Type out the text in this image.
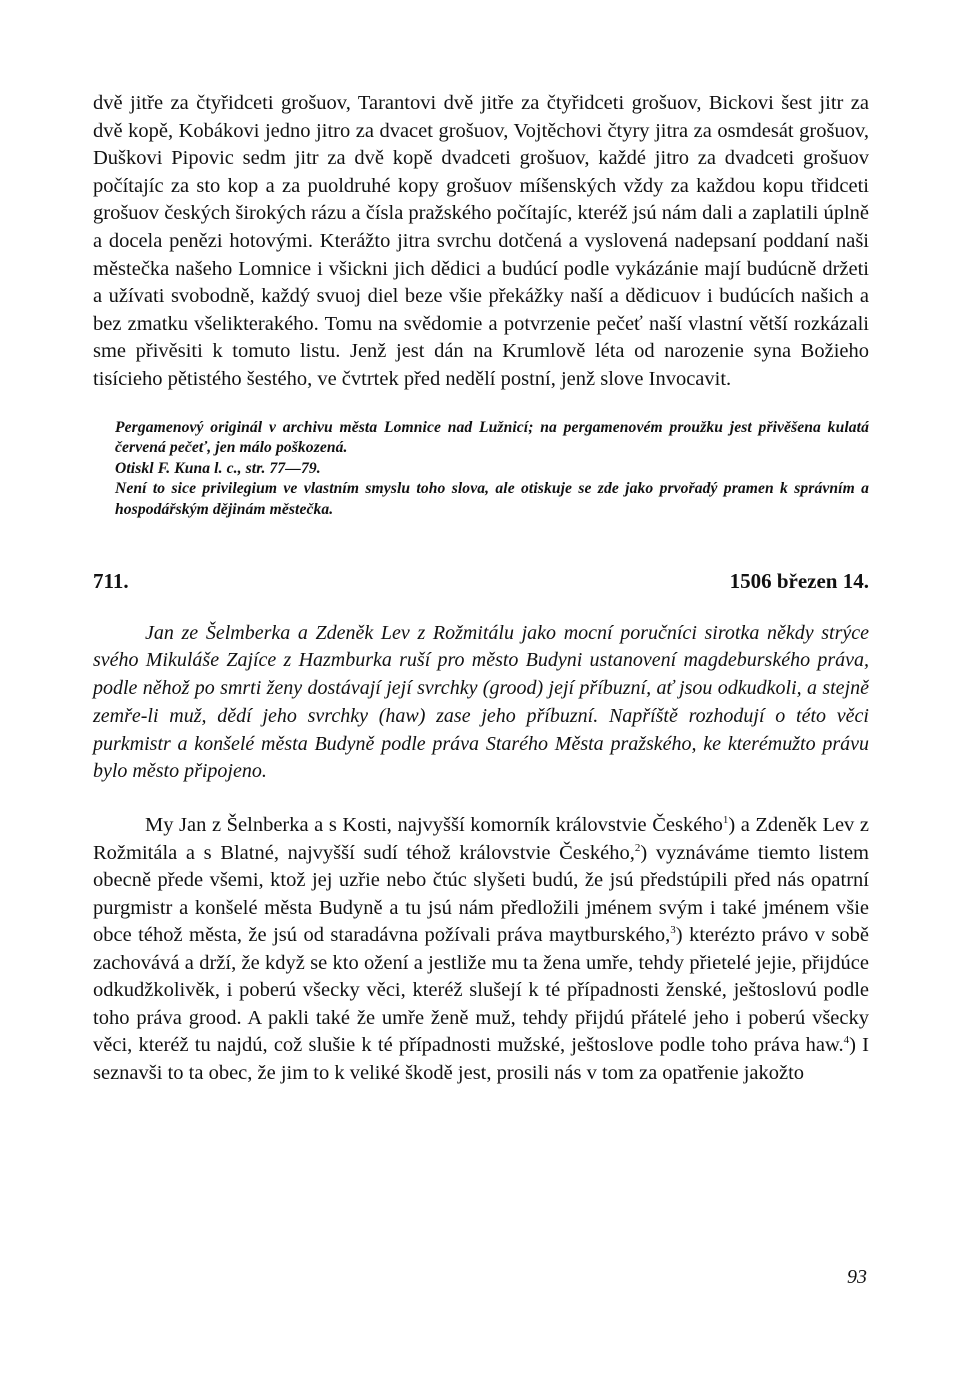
dvě jitře za čtyřidceti grošuov, Tarantovi dvě jitře za čtyřidceti grošuov, Bickovi šest jitr za dvě kopě, Kobákovi jedno jitro za dvacet grošuov, Vojtěchovi čtyry jitra za osmdesát grošuov, Duškovi Pipovic sedm jitr za dvě kopě dvadceti grošuov, každé jitro za dvadceti grošuov počítajíc za sto kop a za puoldruhé kopy grošuov míšenských vždy za každou kopu třidceti grošuov českých širokých rázu a čísla pražského počítajíc, kteréž jsú nám dali a zaplatili úplně a docela penězi hotovými. Kterážto jitra svrchu dotčená a vyslovená nadepsaní poddaní naši městečka našeho Lomnice i všickni jich dědici a budúcí podle vykázánie mají budúcně držeti a užívati svobodně, každý svuoj diel beze všie překážky naší a dědicuov i budúcích našich a bez zmatku všelikterakého. Tomu na svědomie a potvrzenie pečeť naší vlastní větší rozkázali sme přivěsiti k tomuto listu. Jenž jest dán na Krumlově léta od narozenie syna Božieho tisícieho pětistého šestého, ve čvtrtek před nedělí postní, jenž slove Invocavit.

Pergamenový originál v archivu města Lomnice nad Lužnicí; na pergamenovém proužku jest přivěšena kulatá červená pečeť, jen málo poškozená.

Otiskl F. Kuna l. c., str. 77—79.

Není to sice privilegium ve vlastním smyslu toho slova, ale otiskuje se zde jako prvořadý pramen k správním a hospodářským dějinám městečka.

711.	1506 březen 14.

Jan ze Šelmberka a Zdeněk Lev z Rožmitálu jako mocní poručníci sirotka někdy strýce svého Mikuláše Zajíce z Hazmburka ruší pro město Budyni ustanovení magdeburského práva, podle něhož po smrti ženy dostávají její svrchky (grood) její příbuzní, ať jsou odkudkoli, a stejně zemře-li muž, dědí jeho svrchky (haw) zase jeho příbuzní. Napříště rozhodují o této věci purkmistr a konšelé města Budyně podle práva Starého Města pražského, ke kterémužto právu bylo město připojeno.

My Jan z Šelnberka a s Kosti, najvyšší komorník královstvie Českého$^1$) a Zdeněk Lev z Rožmitála a s Blatné, najvyšší sudí téhož královstvie Českého,$^2$) vyznáváme tiemto listem obecně přede všemi, ktož jej uzřie nebo čtúc slyšeti budú, že jsú předstúpili před nás opatrní purgmistr a konšelé města Budyně a tu jsú nám předložili jménem svým i také jménem všie obce téhož města, že jsú od staradávna požívali práva maytburského,$^3$) kterézto právo v sobě zachovává a drží, že když se kto ožení a jestliže mu ta žena umře, tehdy přietelé jejie, přijdúce odkudžkolivěk, i poberú všecky věci, kteréž slušejí k té případnosti ženské, ještoslovú podle toho práva grood. A pakli také že umře ženě muž, tehdy přijdú přátelé jeho i poberú všecky věci, kteréž tu najdú, což slušie k té případnosti mužské, ještoslove podle toho práva haw.$^4$) I seznavši to ta obec, že jim to k veliké škodě jest, prosili nás v tom za opatřenie jakožto

93
